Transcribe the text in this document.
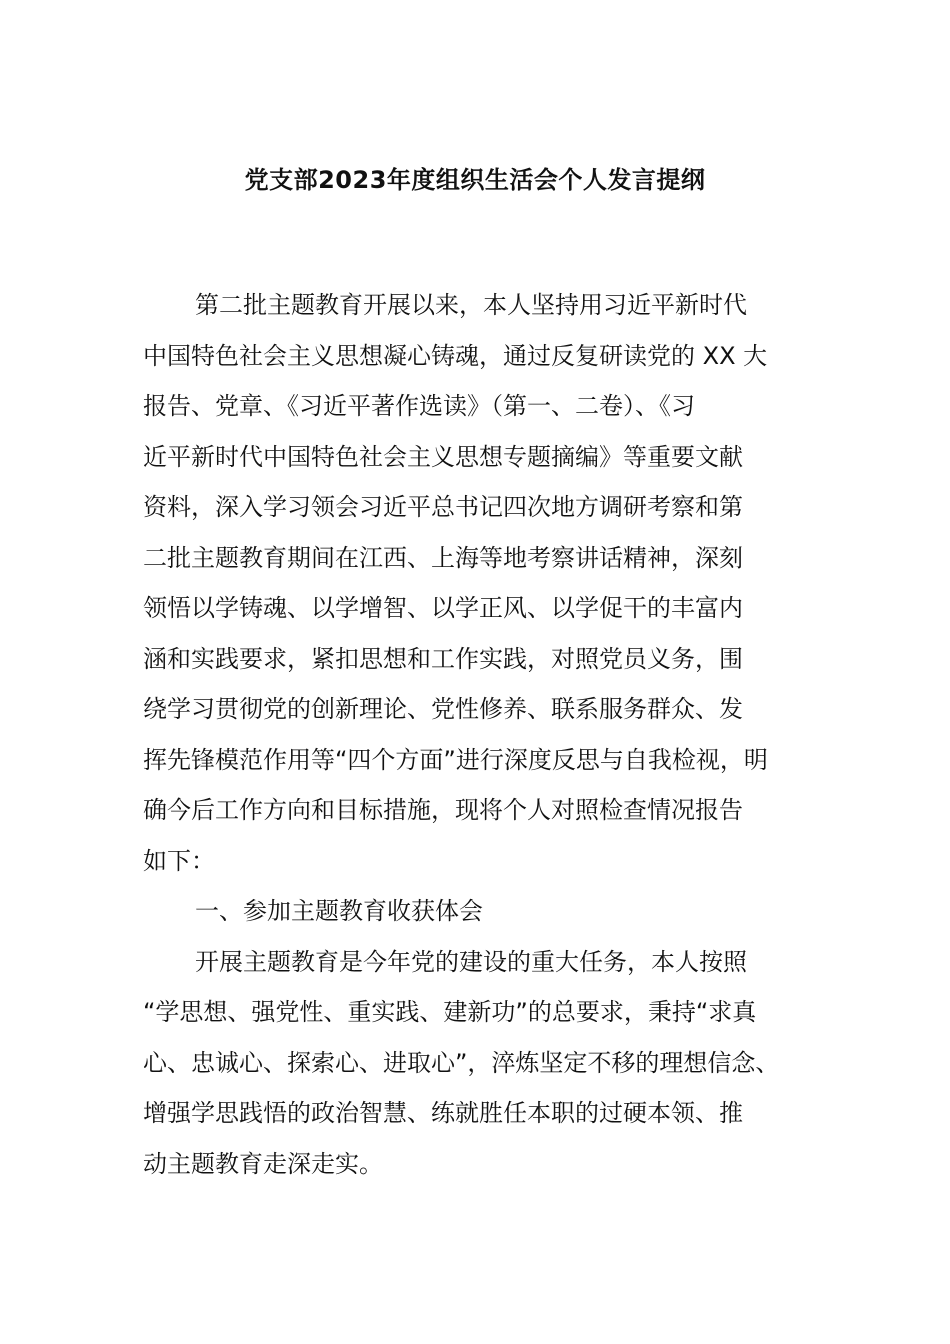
党支部2023年度组织生活会个人发言提纲
第二批主题教育开展以来，本人坚持用习近平新时代
中国特色社会主义思想凝心铸魂，通过反复研读党的 XX 大
报告、党章、《习近平著作选读》（第一、二卷）、《习
近平新时代中国特色社会主义思想专题摘编》等重要文献
资料，深入学习领会习近平总书记四次地方调研考察和第
二批主题教育期间在江西、上海等地考察讲话精神，深刻
领悟以学铸魂、以学增智、以学正风、以学促干的丰富内
涵和实践要求，紧扣思想和工作实践，对照党员义务，围
绕学习贯彻党的创新理论、党性修养、联系服务群众、发
挥先锋模范作用等“四个方面”进行深度反思与自我检视，明
确今后工作方向和目标措施，现将个人对照检查情况报告
如下：
一、参加主题教育收获体会
开展主题教育是今年党的建设的重大任务，本人按照
“学思想、强党性、重实践、建新功”的总要求，秉持“求真
心、忠诚心、探索心、进取心”，淬炼坚定不移的理想信念、
增强学思践悟的政治智慧、练就胜任本职的过硬本领、推
动主题教育走深走实。
